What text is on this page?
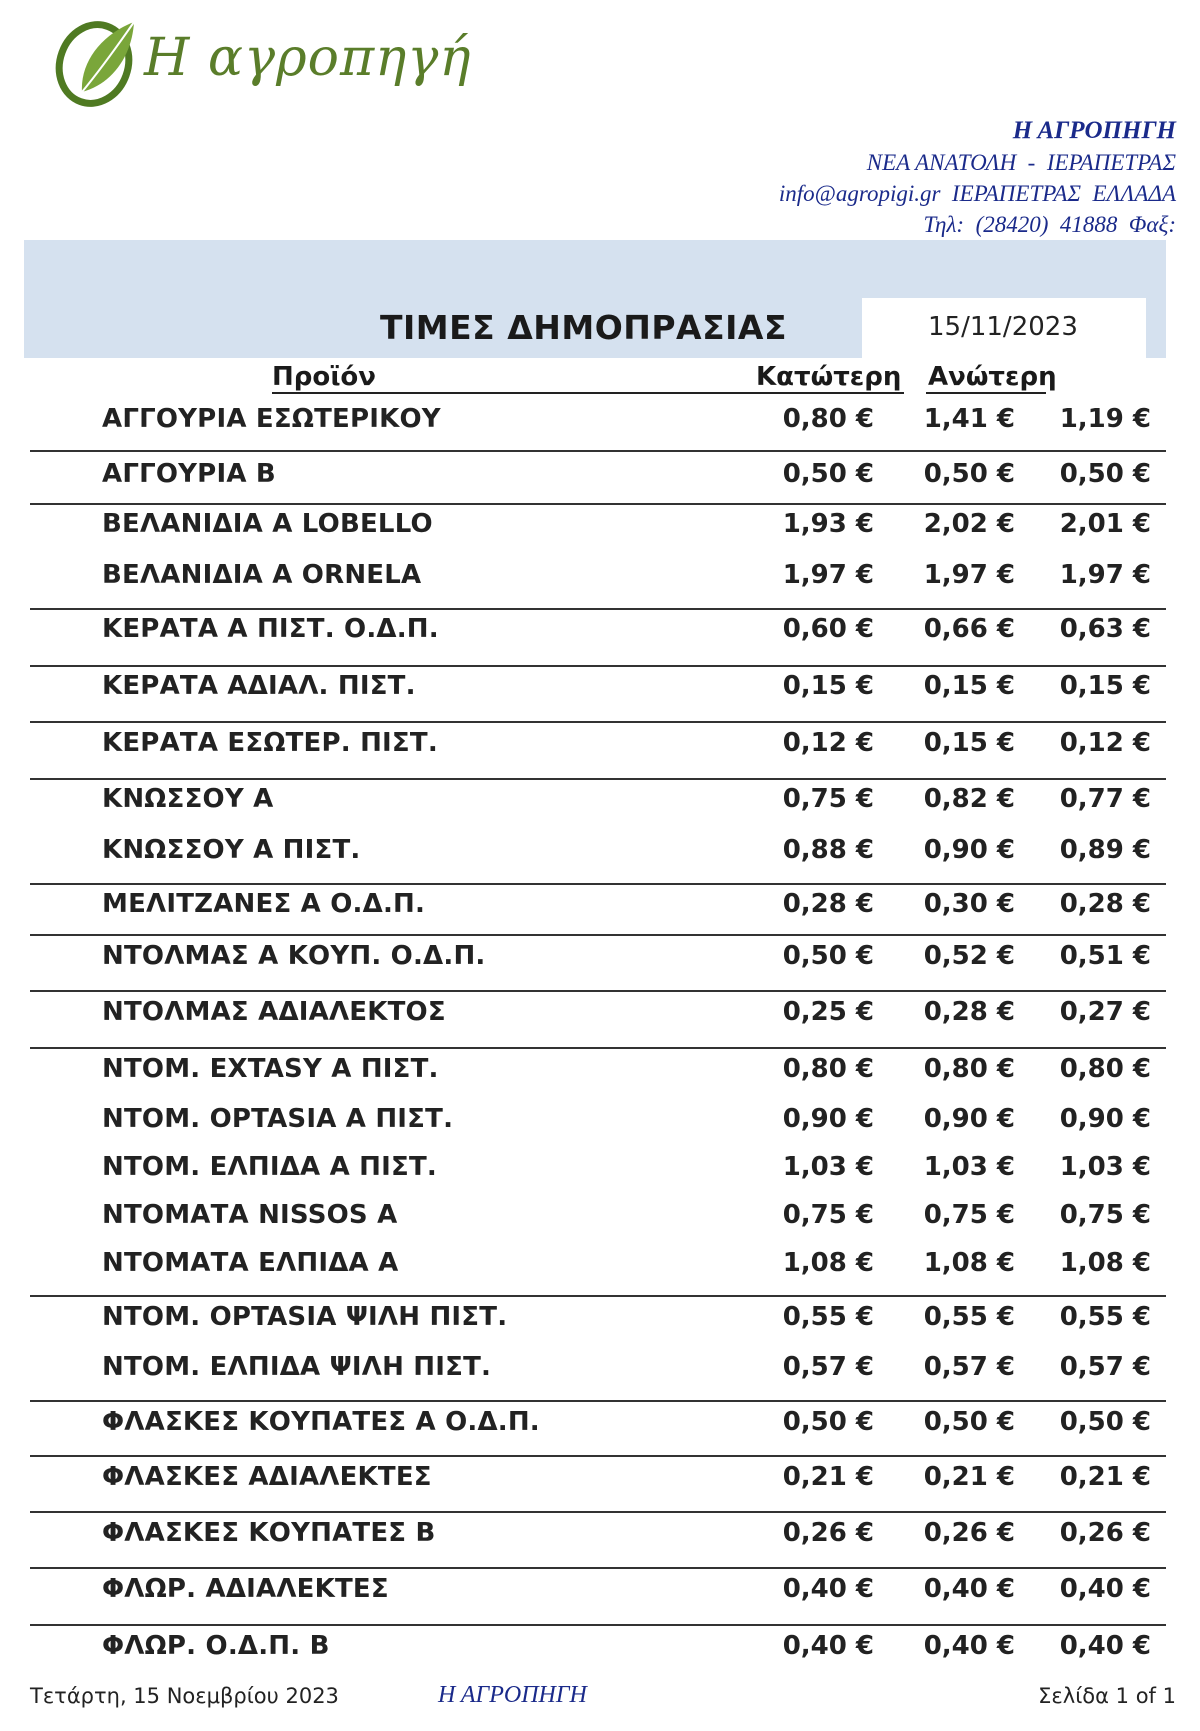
Η αγροπηγή
Η ΑΓΡΟΠΗΓΗ
ΝΕΑ ΑΝΑΤΟΛΗ  -  ΙΕΡΑΠΕΤΡΑΣ
info@agropigi.gr  ΙΕΡΑΠΕΤΡΑΣ  ΕΛΛΑΔΑ
Τηλ:  (28420)  41888  Φαξ:
ΤΙΜΕΣ ΔΗΜΟΠΡΑΣΙΑΣ	15/11/2023
Προϊόν	Κατώτερη Ανώτερη
ΑΓΓΟΥΡΙΑ ΕΣΩΤΕΡΙΚΟΥ	0,80 € 1,41 € 1,19 €
ΑΓΓΟΥΡΙΑ Β	0,50 € 0,50 € 0,50 €
ΒΕΛΑΝΙΔΙΑ Α LOBELLO	1,93 € 2,02 € 2,01 €
ΒΕΛΑΝΙΔΙΑ Α ORNELA	1,97 € 1,97 € 1,97 €
ΚΕΡΑΤΑ Α ΠΙΣΤ. Ο.Δ.Π.	0,60 € 0,66 € 0,63 €
ΚΕΡΑΤΑ ΑΔΙΑΛ. ΠΙΣΤ.	0,15 € 0,15 € 0,15 €
ΚΕΡΑΤΑ ΕΣΩΤΕΡ. ΠΙΣΤ.	0,12 € 0,15 € 0,12 €
ΚΝΩΣΣΟΥ Α	0,75 € 0,82 € 0,77 €
ΚΝΩΣΣΟΥ Α ΠΙΣΤ.	0,88 € 0,90 € 0,89 €
ΜΕΛΙΤΖΑΝΕΣ Α Ο.Δ.Π.	0,28 € 0,30 € 0,28 €
ΝΤΟΛΜΑΣ Α ΚΟΥΠ. Ο.Δ.Π.	0,50 € 0,52 € 0,51 €
ΝΤΟΛΜΑΣ ΑΔΙΑΛΕΚΤΟΣ	0,25 € 0,28 € 0,27 €
ΝΤΟΜ. EXTASY Α ΠΙΣΤ.	0,80 € 0,80 € 0,80 €
ΝΤΟΜ. OPTASIA Α ΠΙΣΤ.	0,90 € 0,90 € 0,90 €
ΝΤΟΜ. ΕΛΠΙΔΑ Α ΠΙΣΤ.	1,03 € 1,03 € 1,03 €
ΝΤΟΜΑΤΑ NISSOS Α	0,75 € 0,75 € 0,75 €
ΝΤΟΜΑΤΑ ΕΛΠΙΔΑ Α	1,08 € 1,08 € 1,08 €
ΝΤΟΜ. OPTASIA ΨΙΛΗ ΠΙΣΤ.	0,55 € 0,55 € 0,55 €
ΝΤΟΜ. ΕΛΠΙΔΑ ΨΙΛΗ ΠΙΣΤ.	0,57 € 0,57 € 0,57 €
ΦΛΑΣΚΕΣ ΚΟΥΠΑΤΕΣ Α Ο.Δ.Π.	0,50 € 0,50 € 0,50 €
ΦΛΑΣΚΕΣ ΑΔΙΑΛΕΚΤΕΣ	0,21 € 0,21 € 0,21 €
ΦΛΑΣΚΕΣ ΚΟΥΠΑΤΕΣ Β	0,26 € 0,26 € 0,26 €
ΦΛΩΡ. ΑΔΙΑΛΕΚΤΕΣ	0,40 € 0,40 € 0,40 €
ΦΛΩΡ. Ο.Δ.Π. Β	0,40 € 0,40 € 0,40 €
Τετάρτη, 15 Νοεμβρίου 2023	Η ΑΓΡΟΠΗΓΗ	Σελίδα 1 of 1
